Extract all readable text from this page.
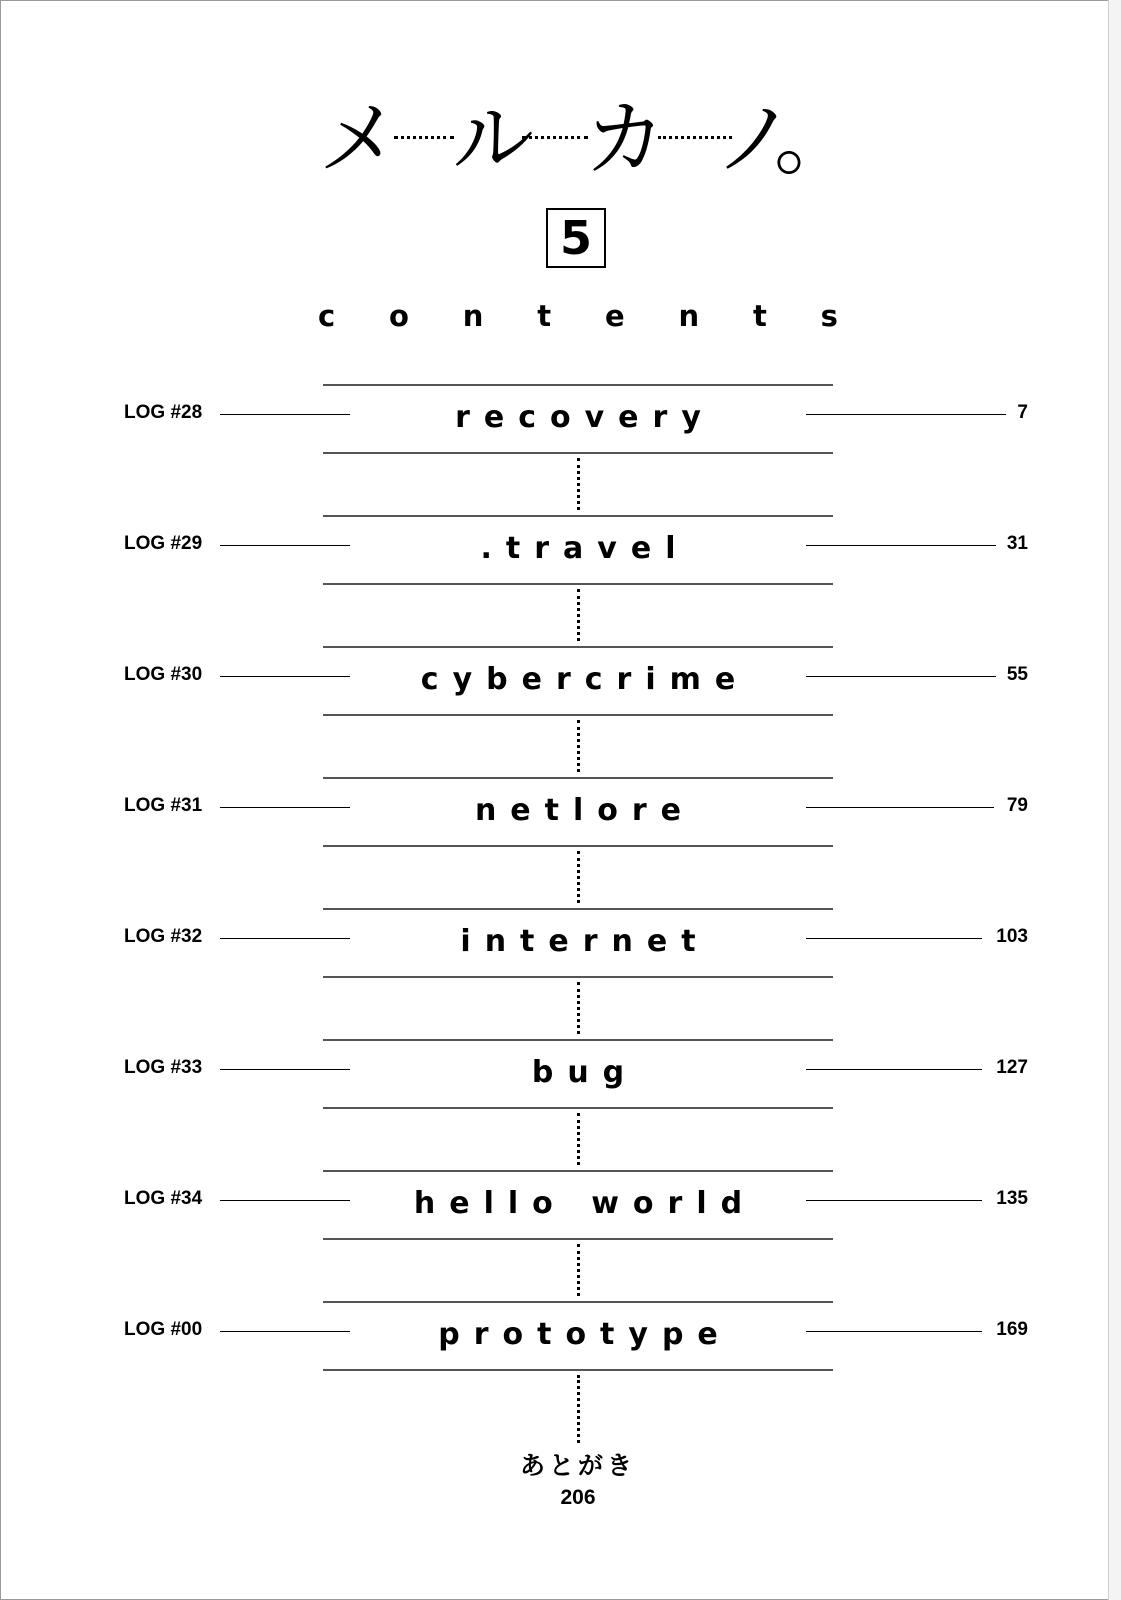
メ ル カ ノ
。
5
c o n t e n t s
LOG #28	recovery	7
LOG #29	.travel	31
LOG #30	cybercrime	55
LOG #31	netlore	79
LOG #32	internet	103
LOG #33	bug	127
LOG #34	hello world	135
LOG #00	prototype	169
あとがき
206
